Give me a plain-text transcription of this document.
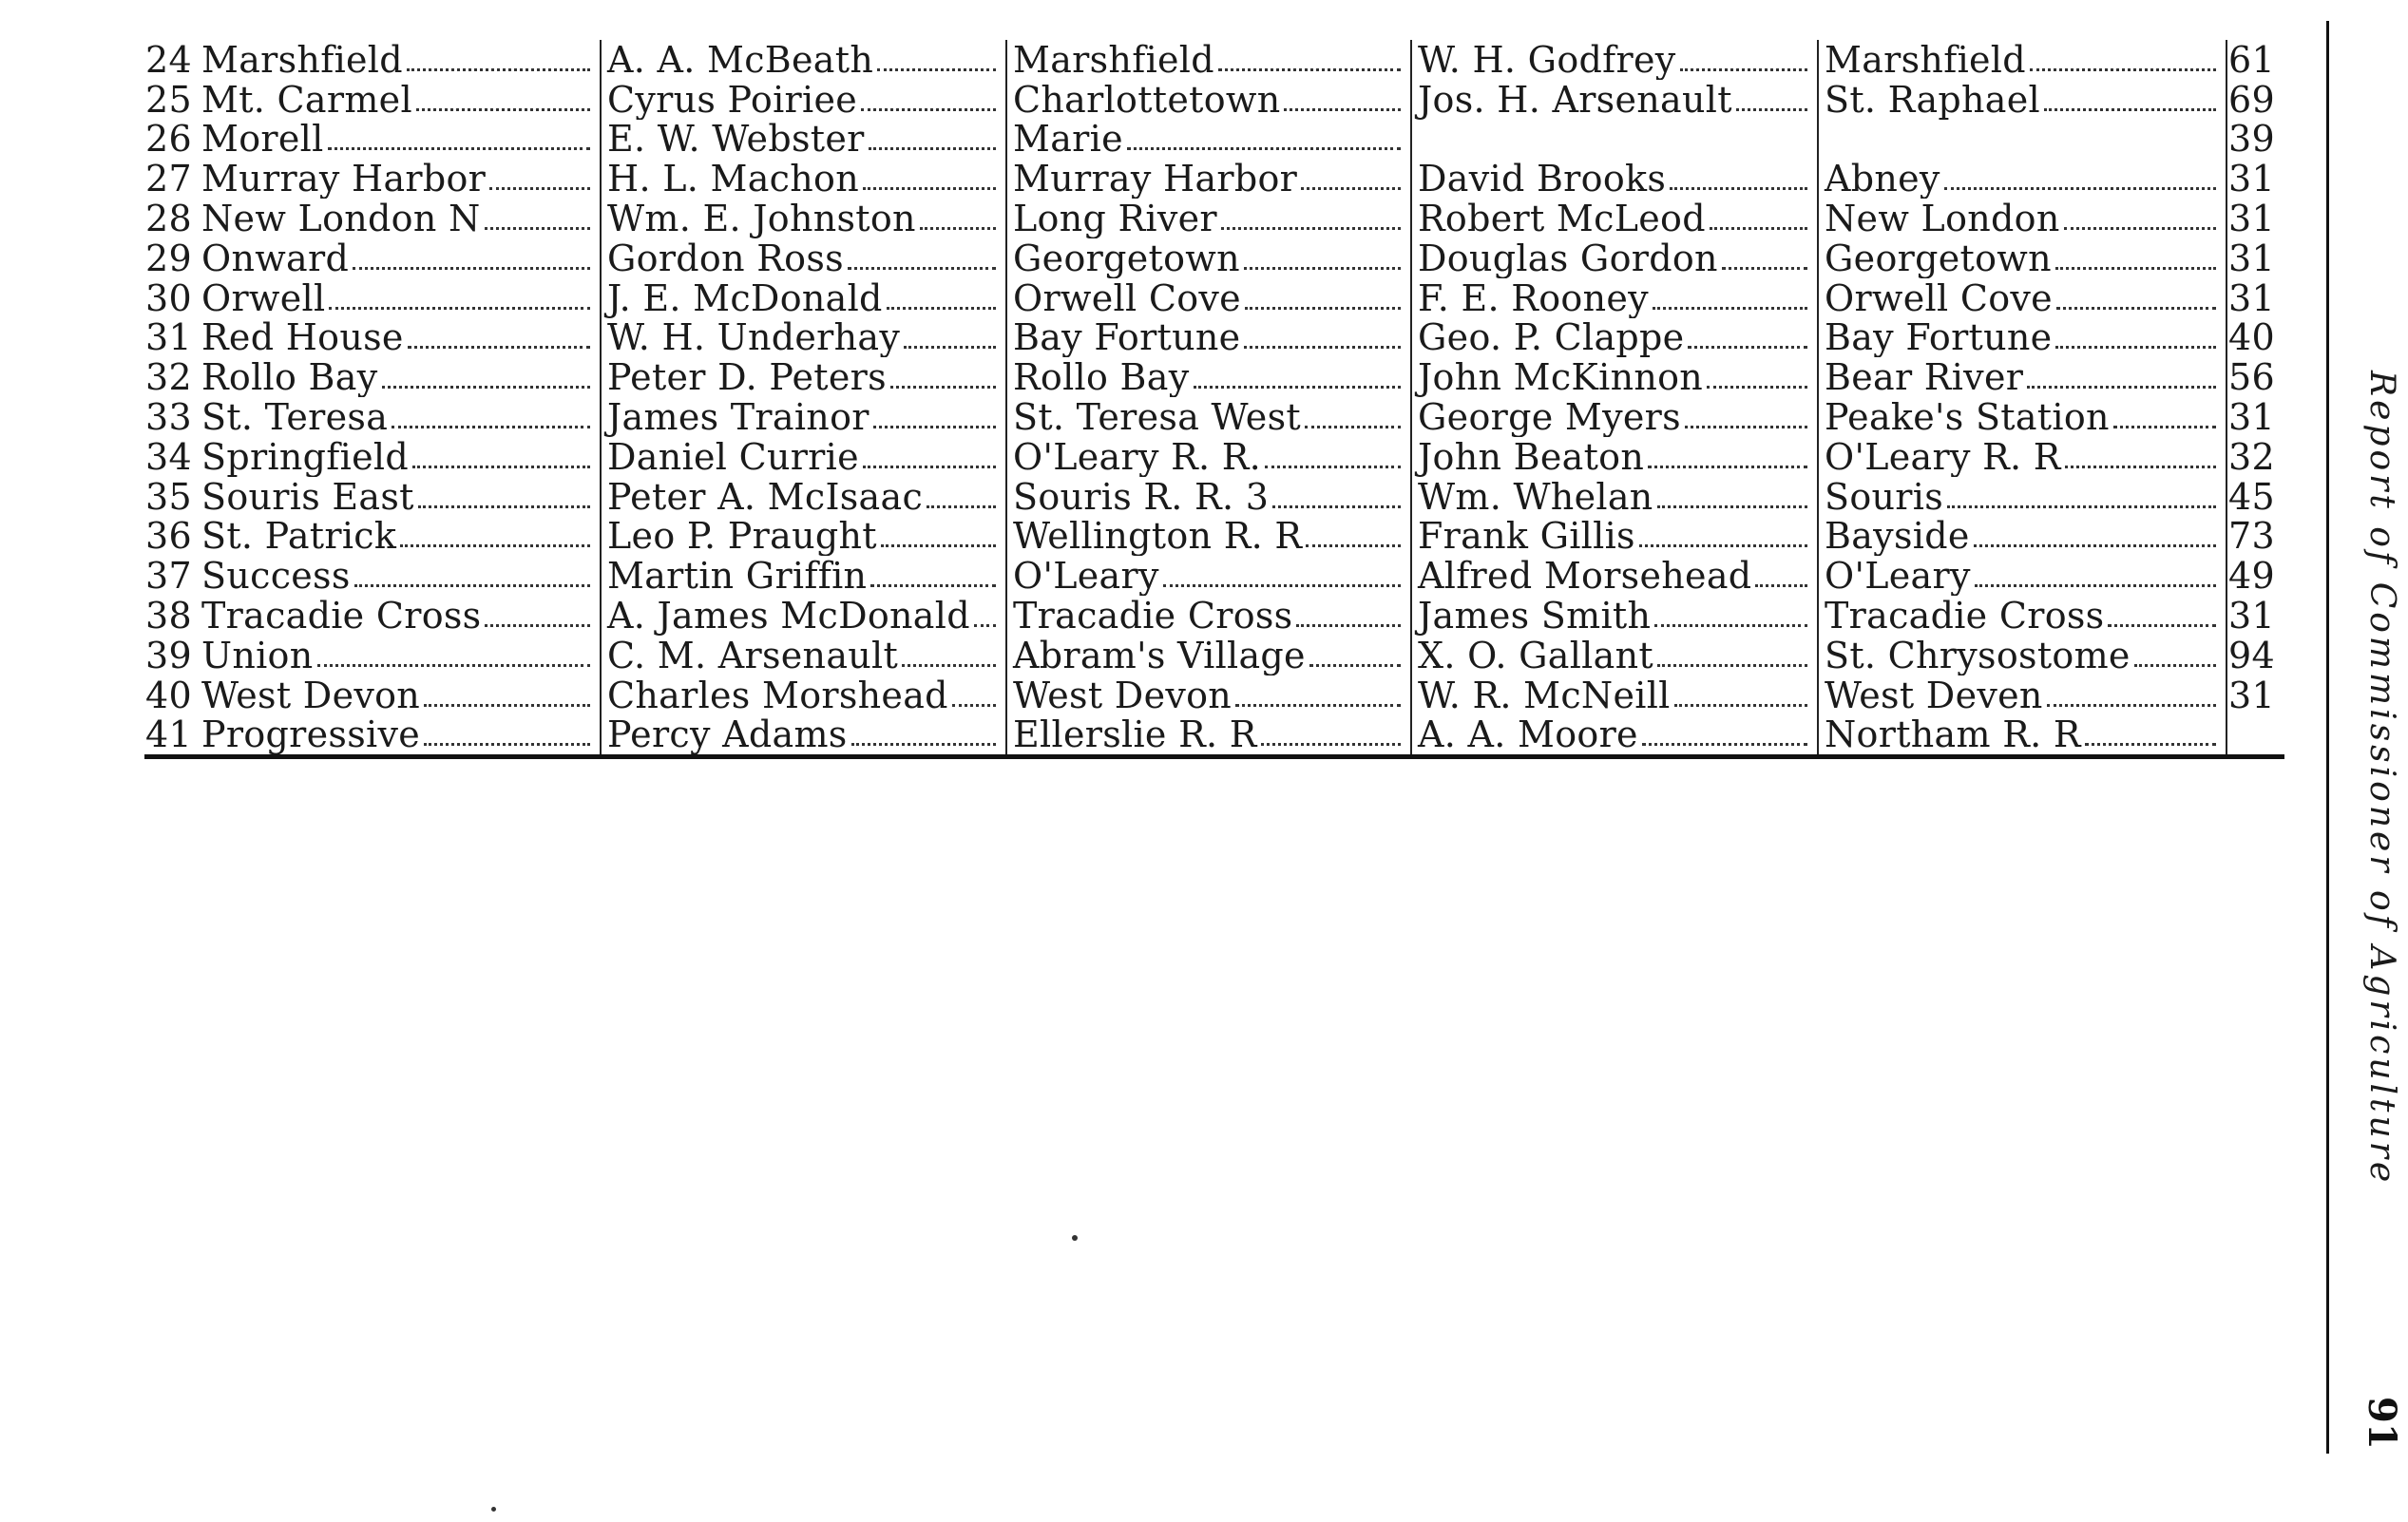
24	Marshfield	A. A. McBeath	Marshfield	W. H. Godfrey	Marshfield	61
25	Mt. Carmel	Cyrus Poiriee	Charlottetown	Jos. H. Arsenault	St. Raphael	69
26	Morell	E. W. Webster	Marie			39
27	Murray Harbor	H. L. Machon	Murray Harbor	David Brooks	Abney	31
28	New London N	Wm. E. Johnston	Long River	Robert McLeod	New London	31
29	Onward	Gordon Ross	Georgetown	Douglas Gordon	Georgetown	31
30	Orwell	J. E. McDonald	Orwell Cove	F. E. Rooney	Orwell Cove	31
31	Red House	W. H. Underhay	Bay Fortune	Geo. P. Clappe	Bay Fortune	40
32	Rollo Bay	Peter D. Peters	Rollo Bay	John McKinnon	Bear River	56
33	St. Teresa	James Trainor	St. Teresa West	George Myers	Peake's Station	31
34	Springfield	Daniel Currie	O'Leary R. R.	John Beaton	O'Leary R. R	32
35	Souris East	Peter A. McIsaac	Souris R. R. 3	Wm. Whelan	Souris	45
36	St. Patrick	Leo P. Praught	Wellington R. R	Frank Gillis	Bayside	73
37	Success	Martin Griffin	O'Leary	Alfred Morsehead	O'Leary	49
38	Tracadie Cross	A. James McDonald	Tracadie Cross	James Smith	Tracadie Cross	31
39	Union	C. M. Arsenault	Abram's Village	X. O. Gallant	St. Chrysostome	94
40	West Devon	Charles Morshead	West Devon	W. R. McNeill	West Deven	31
41	Progressive	Percy Adams	Ellerslie R. R	A. A. Moore	Northam R. R	
		Report of Commissioner of Agriculture
91
